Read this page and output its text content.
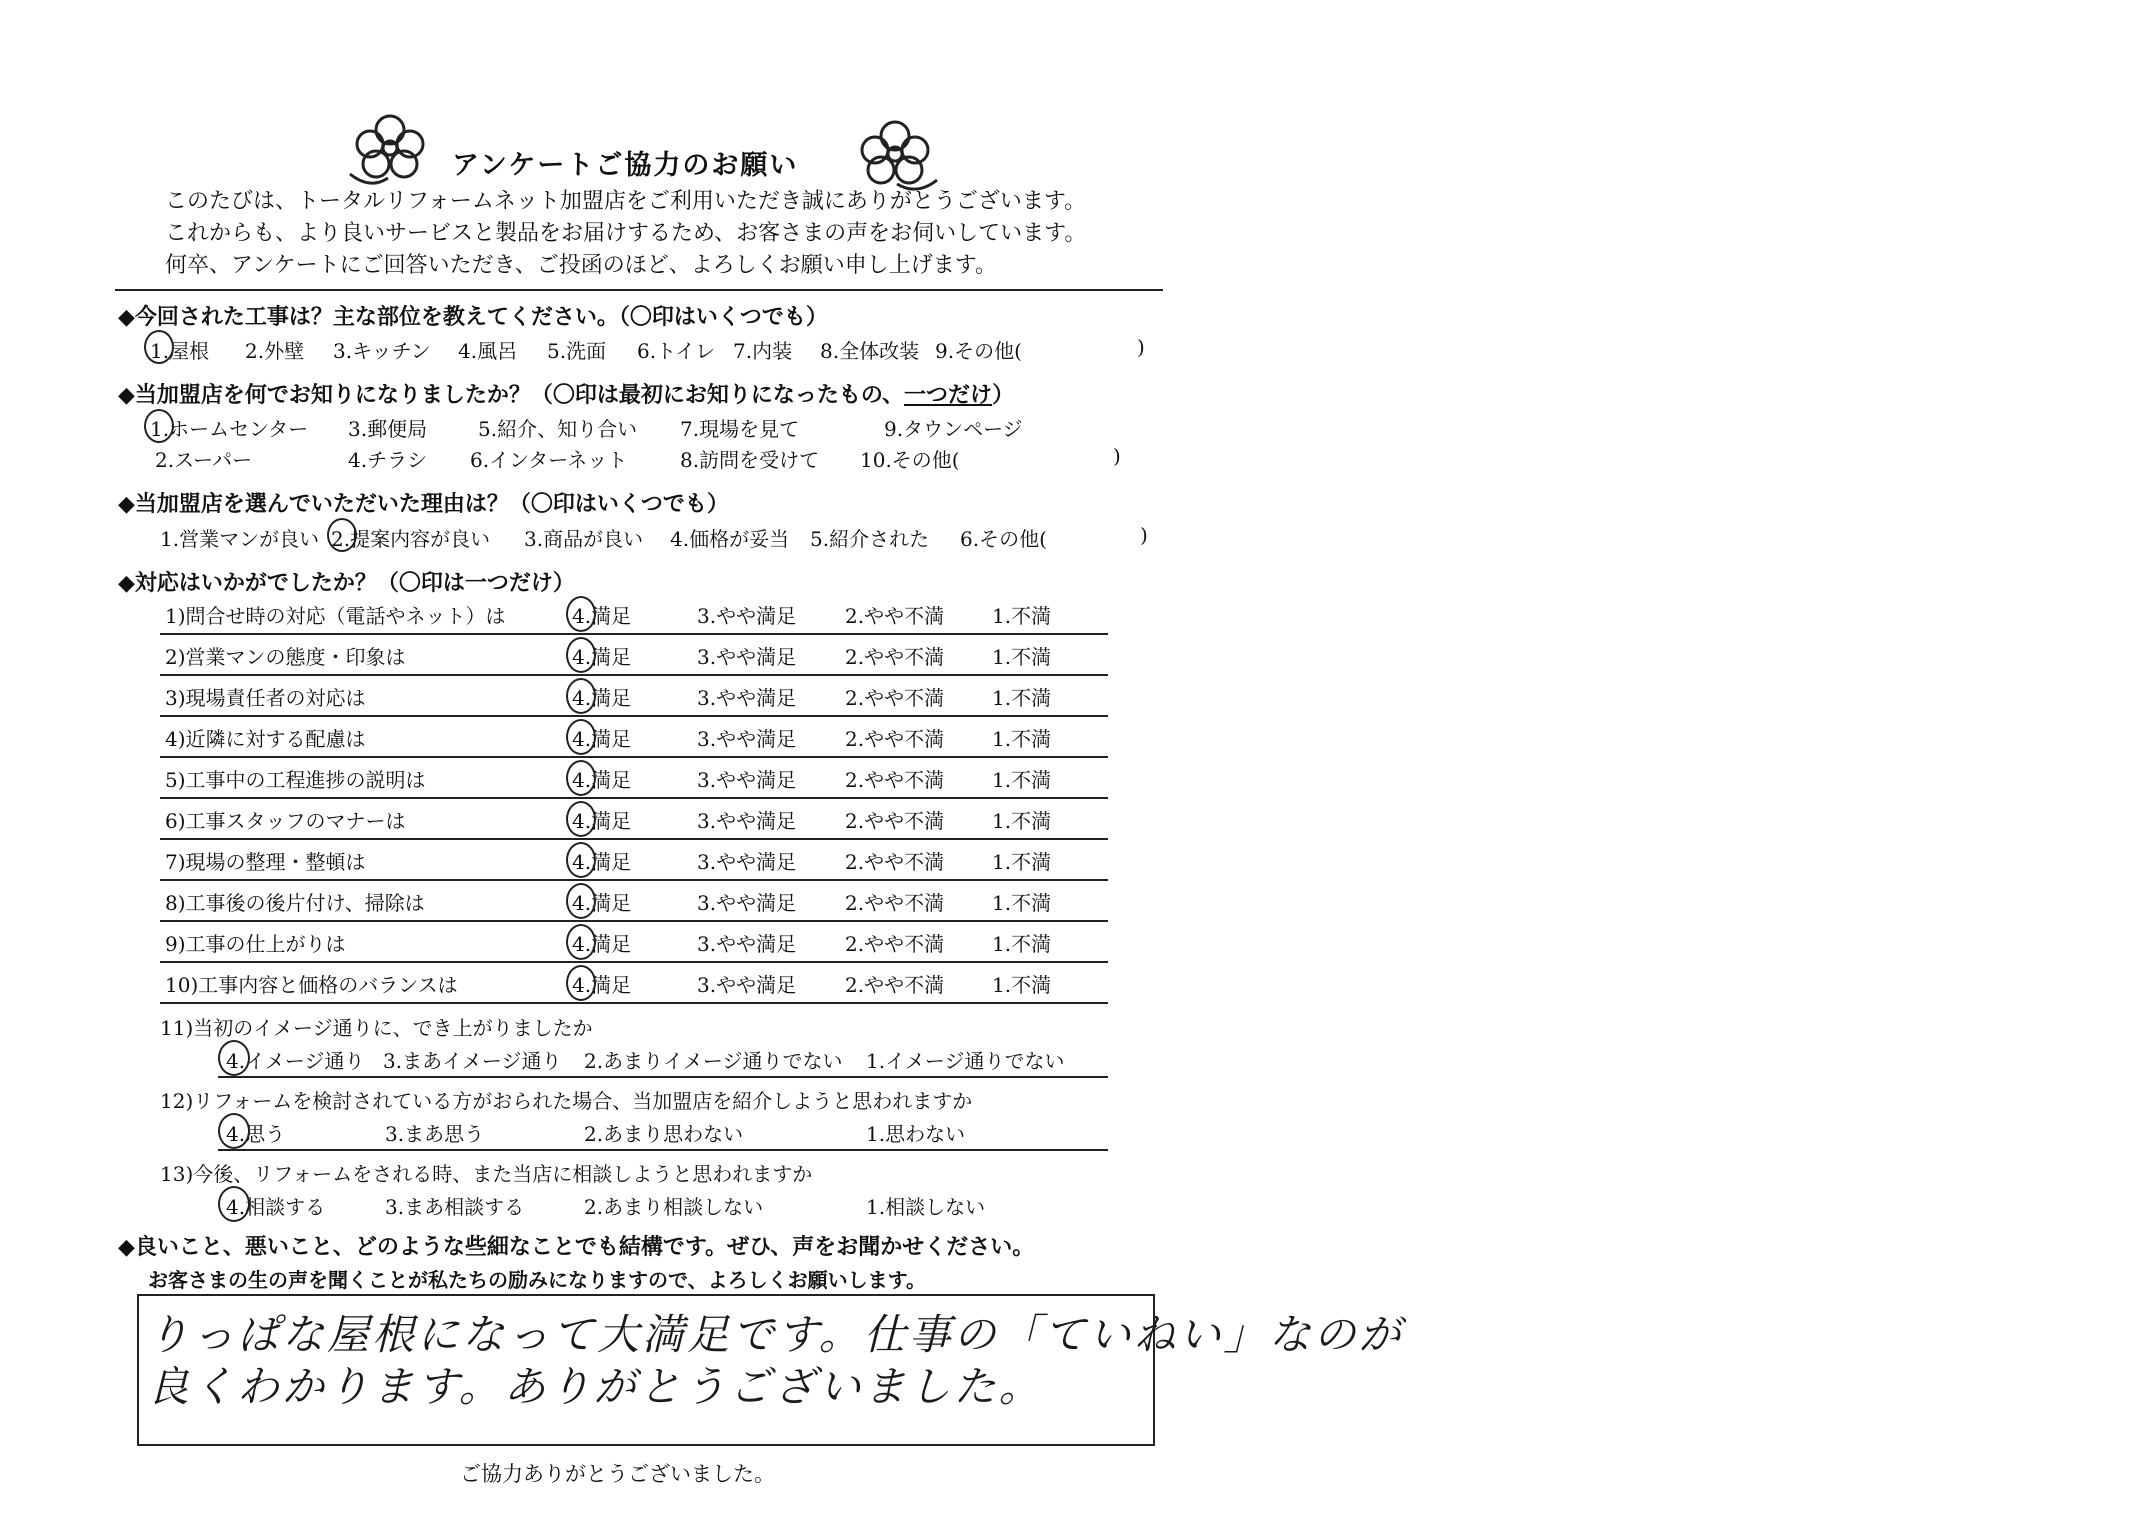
アンケートご協力のお願い
このたびは、トータルリフォームネット加盟店をご利用いただき誠にありがとうございます。
これからも、より良いサービスと製品をお届けするため、お客さまの声をお伺いしています。
何卒、アンケートにご回答いただき、ご投函のほど、よろしくお願い申し上げます。
◆今回された工事は？主な部位を教えてください。（〇印はいくつでも）
1.屋根 2.外壁 3.キッチン 4.風呂 5.洗面 6.トイレ 7.内装 8.全体改装 9.その他(	)
◆当加盟店を何でお知りになりましたか？（〇印は最初にお知りになったもの、一つだけ）
1.ホームセンター 3.郵便局	5.紹介、知り合い 7.現場を見て	9.タウンページ
2.スーパー	4.チラシ 6.インターネット	8.訪問を受けて 10.その他(	)
◆当加盟店を選んでいただいた理由は？（〇印はいくつでも）
1.営業マンが良い 2.提案内容が良い 3.商品が良い 4.価格が妥当 5.紹介された 6.その他(	)
◆対応はいかがでしたか？（〇印は一つだけ）
1)問合せ時の対応（電話やネット）は	4.満足	3.やや満足 2.やや不満 1.不満
2)営業マンの態度・印象は	4.満足	3.やや満足 2.やや不満 1.不満
3)現場責任者の対応は	4.満足	3.やや満足 2.やや不満 1.不満
4)近隣に対する配慮は	4.満足	3.やや満足 2.やや不満 1.不満
5)工事中の工程進捗の説明は	4.満足	3.やや満足 2.やや不満 1.不満
6)工事スタッフのマナーは	4.満足	3.やや満足 2.やや不満 1.不満
7)現場の整理・整頓は	4.満足	3.やや満足 2.やや不満 1.不満
8)工事後の後片付け、掃除は	4.満足	3.やや満足 2.やや不満 1.不満
9)工事の仕上がりは	4.満足	3.やや満足 2.やや不満 1.不満
10)工事内容と価格のバランスは	4.満足	3.やや満足 2.やや不満 1.不満
11)当初のイメージ通りに、でき上がりましたか
4.イメージ通り 3.まあイメージ通り 2.あまりイメージ通りでない 1.イメージ通りでない
12)リフォームを検討されている方がおられた場合、当加盟店を紹介しようと思われますか
4.思う	3.まあ思う	2.あまり思わない	1.思わない
13)今後、リフォームをされる時、また当店に相談しようと思われますか
4.相談する	3.まあ相談する	2.あまり相談しない	1.相談しない
◆良いこと、悪いこと、どのような些細なことでも結構です。ぜひ、声をお聞かせください。
お客さまの生の声を聞くことが私たちの励みになりますので、よろしくお願いします。
りっぱな屋根になって大満足です。仕事の「ていねい」なのが
良くわかります。ありがとうございました。
ご協力ありがとうございました。
